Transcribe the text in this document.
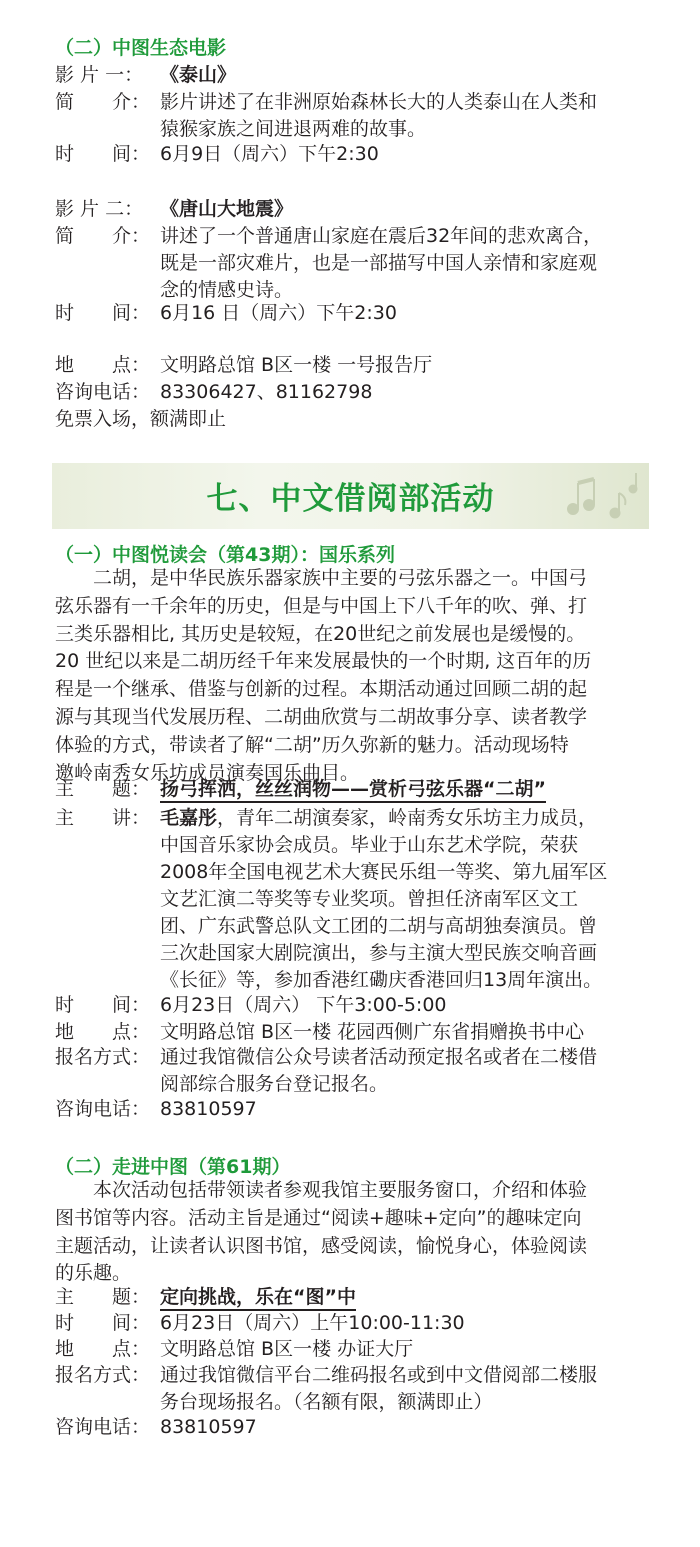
（二）中图生态电影
影 片 一： 《泰山》
简　　介： 影片讲述了在非洲原始森林长大的人类泰山在人类和
猿猴家族之间进退两难的故事。
时　　间： 6月9日（周六）下午2:30
影 片 二： 《唐山大地震》
简　　介： 讲述了一个普通唐山家庭在震后32年间的悲欢离合，
既是一部灾难片，也是一部描写中国人亲情和家庭观
念的情感史诗。
时　　间： 6月16 日（周六）下午2:30
地　　点： 文明路总馆 B区一楼 一号报告厅
咨询电话： 83306427、81162798
免票入场，额满即止
七、中文借阅部活动
（一）中图悦读会（第43期）：国乐系列
　　二胡，是中华民族乐器家族中主要的弓弦乐器之一。中国弓
弦乐器有一千余年的历史，但是与中国上下八千年的吹、弹、打
三类乐器相比, 其历史是较短，在20世纪之前发展也是缓慢的。
20 世纪以来是二胡历经千年来发展最快的一个时期, 这百年的历
程是一个继承、借鉴与创新的过程。本期活动通过回顾二胡的起
源与其现当代发展历程、二胡曲欣赏与二胡故事分享、读者教学
体验的方式，带读者了解“二胡”历久弥新的魅力。活动现场特
邀岭南秀女乐坊成员演奏国乐曲目。
主　　题： 扬弓挥洒，丝丝润物——赏析弓弦乐器“二胡”
主　　讲： 毛嘉彤，青年二胡演奏家，岭南秀女乐坊主力成员，
中国音乐家协会成员。毕业于山东艺术学院，荣获
2008年全国电视艺术大赛民乐组一等奖、第九届军区
文艺汇演二等奖等专业奖项。曾担任济南军区文工
团、广东武警总队文工团的二胡与高胡独奏演员。曾
三次赴国家大剧院演出，参与主演大型民族交响音画
《长征》等，参加香港红磡庆香港回归13周年演出。
时　　间： 6月23日（周六） 下午3:00-5:00
地　　点： 文明路总馆 B区一楼 花园西侧广东省捐赠换书中心
报名方式： 通过我馆微信公众号读者活动预定报名或者在二楼借
阅部综合服务台登记报名。
咨询电话： 83810597
（二）走进中图（第61期）
　　本次活动包括带领读者参观我馆主要服务窗口，介绍和体验
图书馆等内容。活动主旨是通过“阅读+趣味+定向”的趣味定向
主题活动，让读者认识图书馆，感受阅读，愉悦身心，体验阅读
的乐趣。
主　　题： 定向挑战，乐在“图”中
时　　间： 6月23日（周六）上午10:00-11:30
地　　点： 文明路总馆 B区一楼 办证大厅
报名方式： 通过我馆微信平台二维码报名或到中文借阅部二楼服
务台现场报名。（名额有限，额满即止）
咨询电话： 83810597
